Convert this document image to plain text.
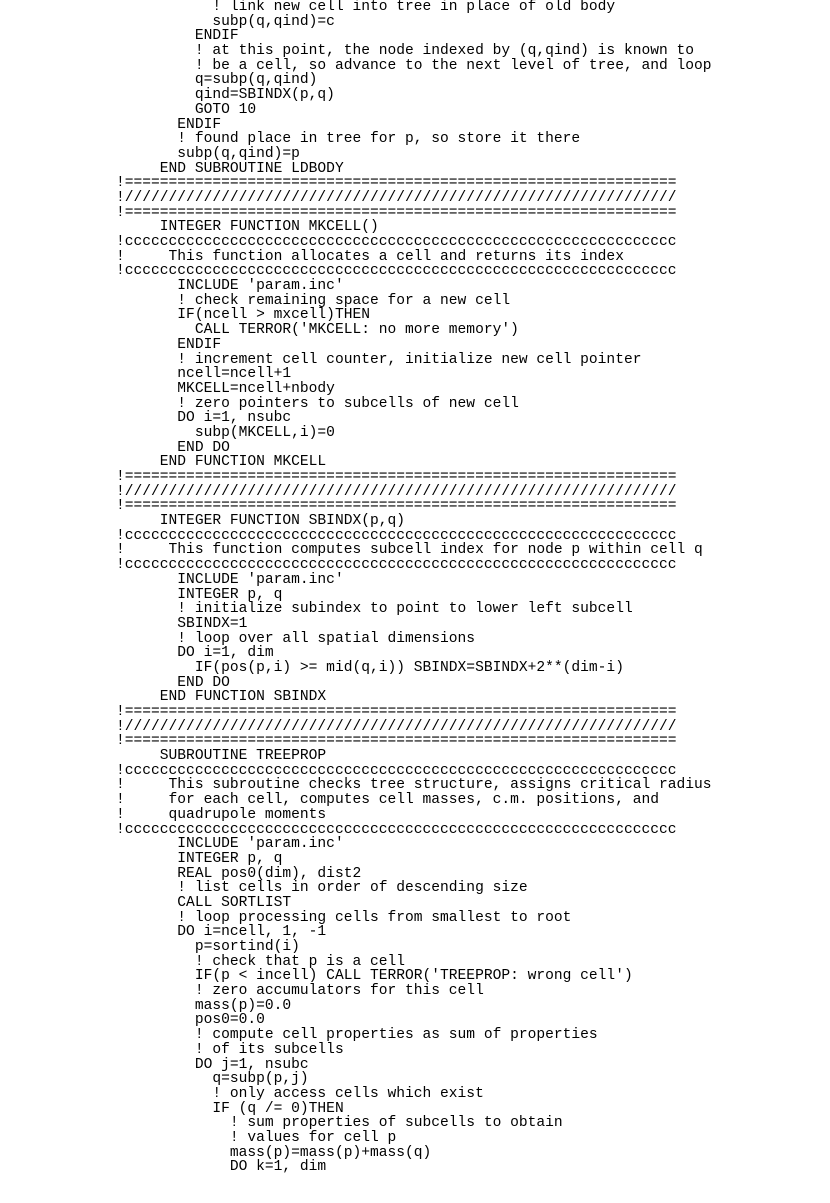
! link new cell into tree in place of old body
subp(q,qind)=c
ENDIF
! at this point, the node indexed by (q,qind) is known to
! be a cell, so advance to the next level of tree, and loop
q=subp(q,qind)
qind=SBINDX(p,q)
GOTO 10
ENDIF
! found place in tree for p, so store it there
subp(q,qind)=p
END SUBROUTINE LDBODY
!===============================================================
!///////////////////////////////////////////////////////////////
!===============================================================
INTEGER FUNCTION MKCELL()
!ccccccccccccccccccccccccccccccccccccccccccccccccccccccccccccccc
!     This function allocates a cell and returns its index
!ccccccccccccccccccccccccccccccccccccccccccccccccccccccccccccccc
INCLUDE 'param.inc'
! check remaining space for a new cell
IF(ncell > mxcell)THEN
CALL TERROR('MKCELL: no more memory')
ENDIF
! increment cell counter, initialize new cell pointer
ncell=ncell+1
MKCELL=ncell+nbody
! zero pointers to subcells of new cell
DO i=1, nsubc
subp(MKCELL,i)=0
END DO
END FUNCTION MKCELL
!===============================================================
!///////////////////////////////////////////////////////////////
!===============================================================
INTEGER FUNCTION SBINDX(p,q)
!ccccccccccccccccccccccccccccccccccccccccccccccccccccccccccccccc
!     This function computes subcell index for node p within cell q
!ccccccccccccccccccccccccccccccccccccccccccccccccccccccccccccccc
INCLUDE 'param.inc'
INTEGER p, q
! initialize subindex to point to lower left subcell
SBINDX=1
! loop over all spatial dimensions
DO i=1, dim
IF(pos(p,i) >= mid(q,i)) SBINDX=SBINDX+2**(dim-i)
END DO
END FUNCTION SBINDX
!===============================================================
!///////////////////////////////////////////////////////////////
!===============================================================
SUBROUTINE TREEPROP
!ccccccccccccccccccccccccccccccccccccccccccccccccccccccccccccccc
!     This subroutine checks tree structure, assigns critical radius
!     for each cell, computes cell masses, c.m. positions, and
!     quadrupole moments
!ccccccccccccccccccccccccccccccccccccccccccccccccccccccccccccccc
INCLUDE 'param.inc'
INTEGER p, q
REAL pos0(dim), dist2
! list cells in order of descending size
CALL SORTLIST
! loop processing cells from smallest to root
DO i=ncell, 1, -1
p=sortind(i)
! check that p is a cell
IF(p < incell) CALL TERROR('TREEPROP: wrong cell')
! zero accumulators for this cell
mass(p)=0.0
pos0=0.0
! compute cell properties as sum of properties
! of its subcells
DO j=1, nsubc
q=subp(p,j)
! only access cells which exist
IF (q /= 0)THEN
! sum properties of subcells to obtain
! values for cell p
mass(p)=mass(p)+mass(q)
DO k=1, dim
